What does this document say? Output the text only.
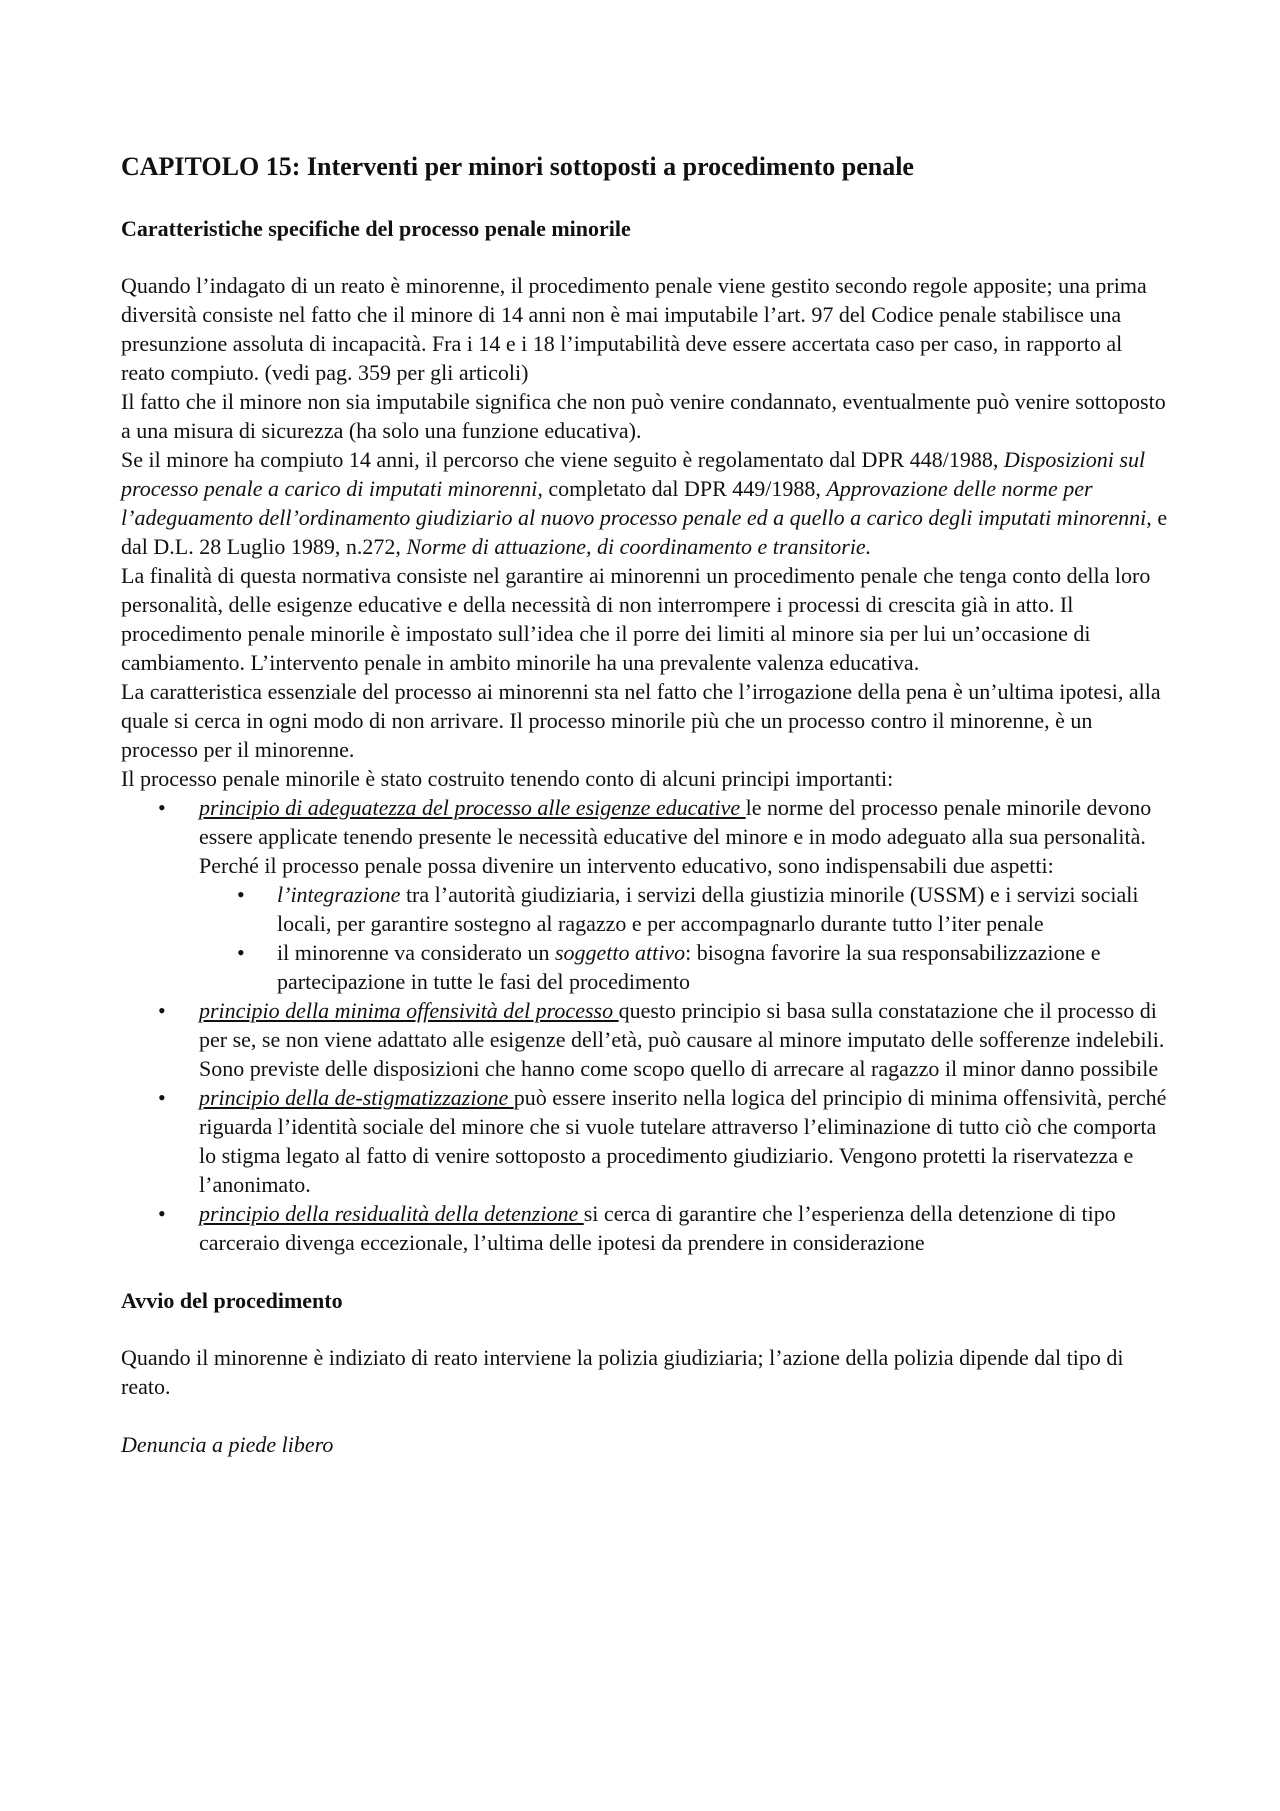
CAPITOLO 15: Interventi per minori sottoposti a procedimento penale
Caratteristiche specifiche del processo penale minorile

Quando l’indagato di un reato è minorenne, il procedimento penale viene gestito secondo regole apposite; una prima diversità consiste nel fatto che il minore di 14 anni non è mai imputabile l’art. 97 del Codice penale stabilisce una presunzione assoluta di incapacità. Fra i 14 e i 18 l’imputabilità deve essere accertata caso per caso, in rapporto al reato compiuto. (vedi pag. 359 per gli articoli)

Il fatto che il minore non sia imputabile significa che non può venire condannato, eventualmente può venire sottoposto a una misura di sicurezza (ha solo una funzione educativa).

Se il minore ha compiuto 14 anni, il percorso che viene seguito è regolamentato dal DPR 448/1988, Disposizioni sul processo penale a carico di imputati minorenni, completato dal DPR 449/1988, Approvazione delle norme per l’adeguamento dell’ordinamento giudiziario al nuovo processo penale ed a quello a carico degli imputati minorenni, e dal D.L. 28 Luglio 1989, n.272, Norme di attuazione, di coordinamento e transitorie.

La finalità di questa normativa consiste nel garantire ai minorenni un procedimento penale che tenga conto della loro personalità, delle esigenze educative e della necessità di non interrompere i processi di crescita già in atto. Il procedimento penale minorile è impostato sull’idea che il porre dei limiti al minore sia per lui un’occasione di cambiamento. L’intervento penale in ambito minorile ha una prevalente valenza educativa.

La caratteristica essenziale del processo ai minorenni sta nel fatto che l’irrogazione della pena è un’ultima ipotesi, alla quale si cerca in ogni modo di non arrivare. Il processo minorile più che un processo contro il minorenne, è un processo per il minorenne.

Il processo penale minorile è stato costruito tenendo conto di alcuni principi importanti:

• principio di adeguatezza del processo alle esigenze educative le norme del processo penale minorile devono essere applicate tenendo presente le necessità educative del minore e in modo adeguato alla sua personalità. Perché il processo penale possa divenire un intervento educativo, sono indispensabili due aspetti:
• l’integrazione tra l’autorità giudiziaria, i servizi della giustizia minorile (USSM) e i servizi sociali locali, per garantire sostegno al ragazzo e per accompagnarlo durante tutto l’iter penale
• il minorenne va considerato un soggetto attivo: bisogna favorire la sua responsabilizzazione e partecipazione in tutte le fasi del procedimento
• principio della minima offensività del processo questo principio si basa sulla constatazione che il processo di per se, se non viene adattato alle esigenze dell’età, può causare al minore imputato delle sofferenze indelebili. Sono previste delle disposizioni che hanno come scopo quello di arrecare al ragazzo il minor danno possibile
• principio della de-stigmatizzazione può essere inserito nella logica del principio di minima offensività, perché riguarda l’identità sociale del minore che si vuole tutelare attraverso l’eliminazione di tutto ciò che comporta lo stigma legato al fatto di venire sottoposto a procedimento giudiziario. Vengono protetti la riservatezza e l’anonimato.
• principio della residualità della detenzione si cerca di garantire che l’esperienza della detenzione di tipo carceraio divenga eccezionale, l’ultima delle ipotesi da prendere in considerazione
Avvio del procedimento

Quando il minorenne è indiziato di reato interviene la polizia giudiziaria; l’azione della polizia dipende dal tipo di reato.

Denuncia a piede libero
